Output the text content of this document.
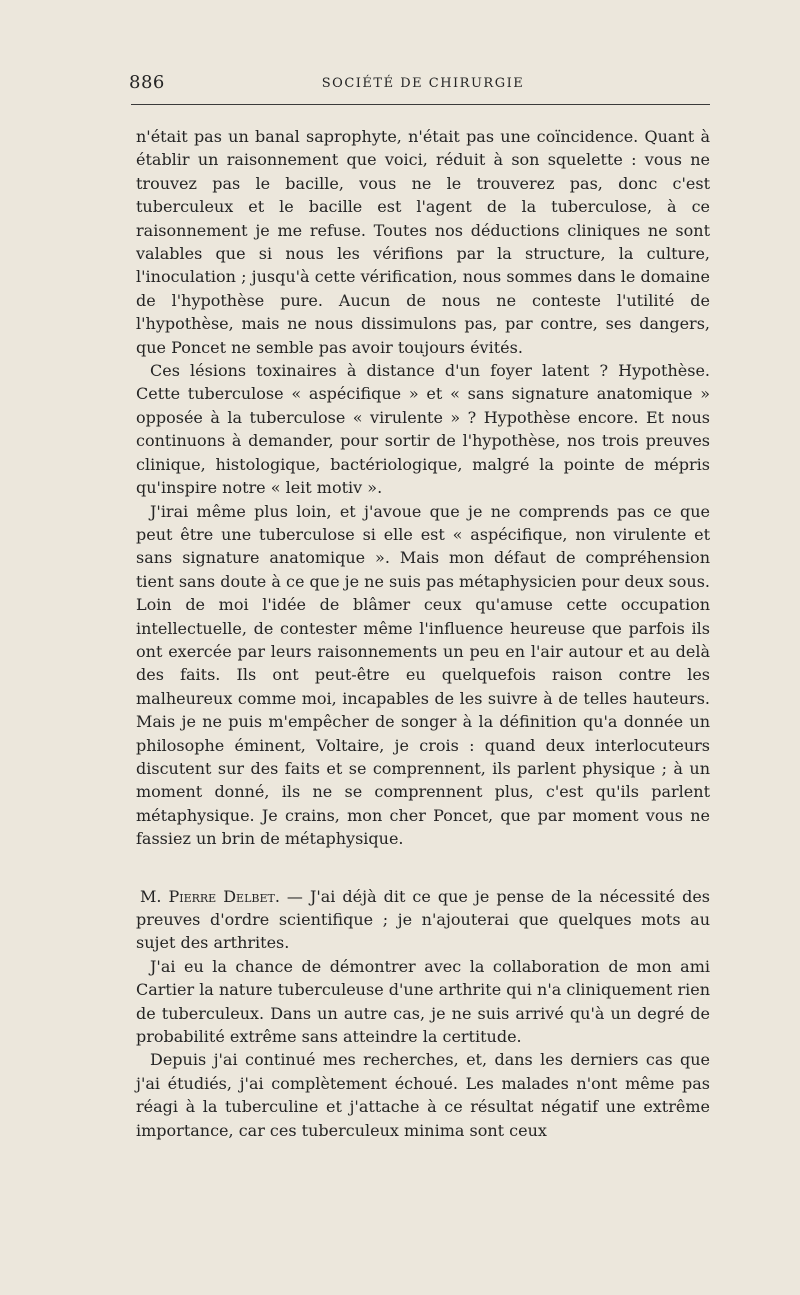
886	SOCIÉTÉ DE CHIRURGIE

n'était pas un banal saprophyte, n'était pas une coïncidence. Quant à établir un raisonnement que voici, réduit à son squelette : vous ne trouvez pas le bacille, vous ne le trouverez pas, donc c'est tuberculeux et le bacille est l'agent de la tuberculose, à ce raisonnement je me refuse. Toutes nos déductions cliniques ne sont valables que si nous les vérifions par la structure, la culture, l'inoculation ; jusqu'à cette vérification, nous sommes dans le domaine de l'hypothèse pure. Aucun de nous ne conteste l'utilité de l'hypothèse, mais ne nous dissimulons pas, par contre, ses dangers, que Poncet ne semble pas avoir toujours évités.

Ces lésions toxinaires à distance d'un foyer latent ? Hypothèse. Cette tuberculose « aspécifique » et « sans signature anatomique » opposée à la tuberculose « virulente » ? Hypothèse encore. Et nous continuons à demander, pour sortir de l'hypothèse, nos trois preuves clinique, histologique, bactériologique, malgré la pointe de mépris qu'inspire notre « leit motiv ».

J'irai même plus loin, et j'avoue que je ne comprends pas ce que peut être une tuberculose si elle est « aspécifique, non virulente et sans signature anatomique ». Mais mon défaut de compréhension tient sans doute à ce que je ne suis pas métaphysicien pour deux sous. Loin de moi l'idée de blâmer ceux qu'amuse cette occupation intellectuelle, de contester même l'influence heureuse que parfois ils ont exercée par leurs raisonnements un peu en l'air autour et au delà des faits. Ils ont peut-être eu quelquefois raison contre les malheureux comme moi, incapables de les suivre à de telles hauteurs. Mais je ne puis m'empêcher de songer à la définition qu'a donnée un philosophe éminent, Voltaire, je crois : quand deux interlocuteurs discutent sur des faits et se comprennent, ils parlent physique ; à un moment donné, ils ne se comprennent plus, c'est qu'ils parlent métaphysique. Je crains, mon cher Poncet, que par moment vous ne fassiez un brin de métaphysique.

M. Pierre Delbet. — J'ai déjà dit ce que je pense de la nécessité des preuves d'ordre scientifique ; je n'ajouterai que quelques mots au sujet des arthrites.

J'ai eu la chance de démontrer avec la collaboration de mon ami Cartier la nature tuberculeuse d'une arthrite qui n'a cliniquement rien de tuberculeux. Dans un autre cas, je ne suis arrivé qu'à un degré de probabilité extrême sans atteindre la certitude.

Depuis j'ai continué mes recherches, et, dans les derniers cas que j'ai étudiés, j'ai complètement échoué. Les malades n'ont même pas réagi à la tuberculine et j'attache à ce résultat négatif une extrême importance, car ces tuberculeux minima sont ceux
